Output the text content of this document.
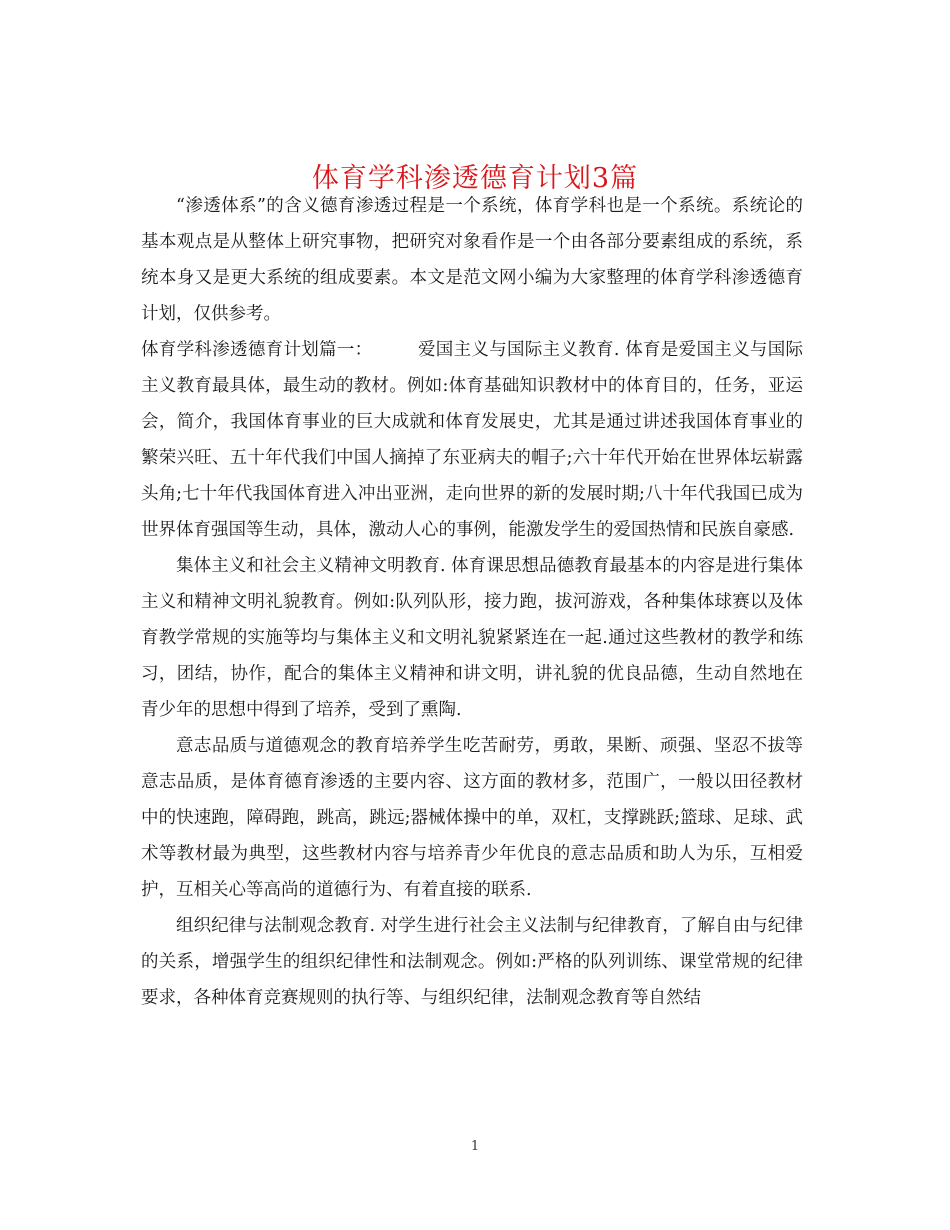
体育学科渗透德育计划3篇

“渗透体系”的含义德育渗透过程是一个系统，体育学科也是一个系统。系统论的基本观点是从整体上研究事物，把研究对象看作是一个由各部分要素组成的系统，系统本身又是更大系统的组成要素。本文是范文网小编为大家整理的体育学科渗透德育计划，仅供参考。

体育学科渗透德育计划篇一：	爱国主义与国际主义教育. 体育是爱国主义与国际主义教育最具体，最生动的教材。例如:体育基础知识教材中的体育目的，任务，亚运会，简介，我国体育事业的巨大成就和体育发展史，尤其是通过讲述我国体育事业的繁荣兴旺、五十年代我们中国人摘掉了东亚病夫的帽子;六十年代开始在世界体坛崭露头角;七十年代我国体育进入冲出亚洲，走向世界的新的发展时期;八十年代我国已成为世界体育强国等生动，具体，激动人心的事例，能激发学生的爱国热情和民族自豪感.

集体主义和社会主义精神文明教育. 体育课思想品德教育最基本的内容是进行集体主义和精神文明礼貌教育。例如:队列队形，接力跑，拔河游戏，各种集体球赛以及体育教学常规的实施等均与集体主义和文明礼貌紧紧连在一起.通过这些教材的教学和练习，团结，协作，配合的集体主义精神和讲文明，讲礼貌的优良品德，生动自然地在青少年的思想中得到了培养，受到了熏陶.

意志品质与道德观念的教育培养学生吃苦耐劳，勇敢，果断、顽强、坚忍不拔等意志品质，是体育德育渗透的主要内容、这方面的教材多，范围广，一般以田径教材中的快速跑，障碍跑，跳高，跳远;器械体操中的单，双杠，支撑跳跃;篮球、足球、武术等教材最为典型，这些教材内容与培养青少年优良的意志品质和助人为乐，互相爱护，互相关心等高尚的道德行为、有着直接的联系.

组织纪律与法制观念教育. 对学生进行社会主义法制与纪律教育，了解自由与纪律的关系，增强学生的组织纪律性和法制观念。例如:严格的队列训练、课堂常规的纪律要求，各种体育竞赛规则的执行等、与组织纪律，法制观念教育等自然结

1
